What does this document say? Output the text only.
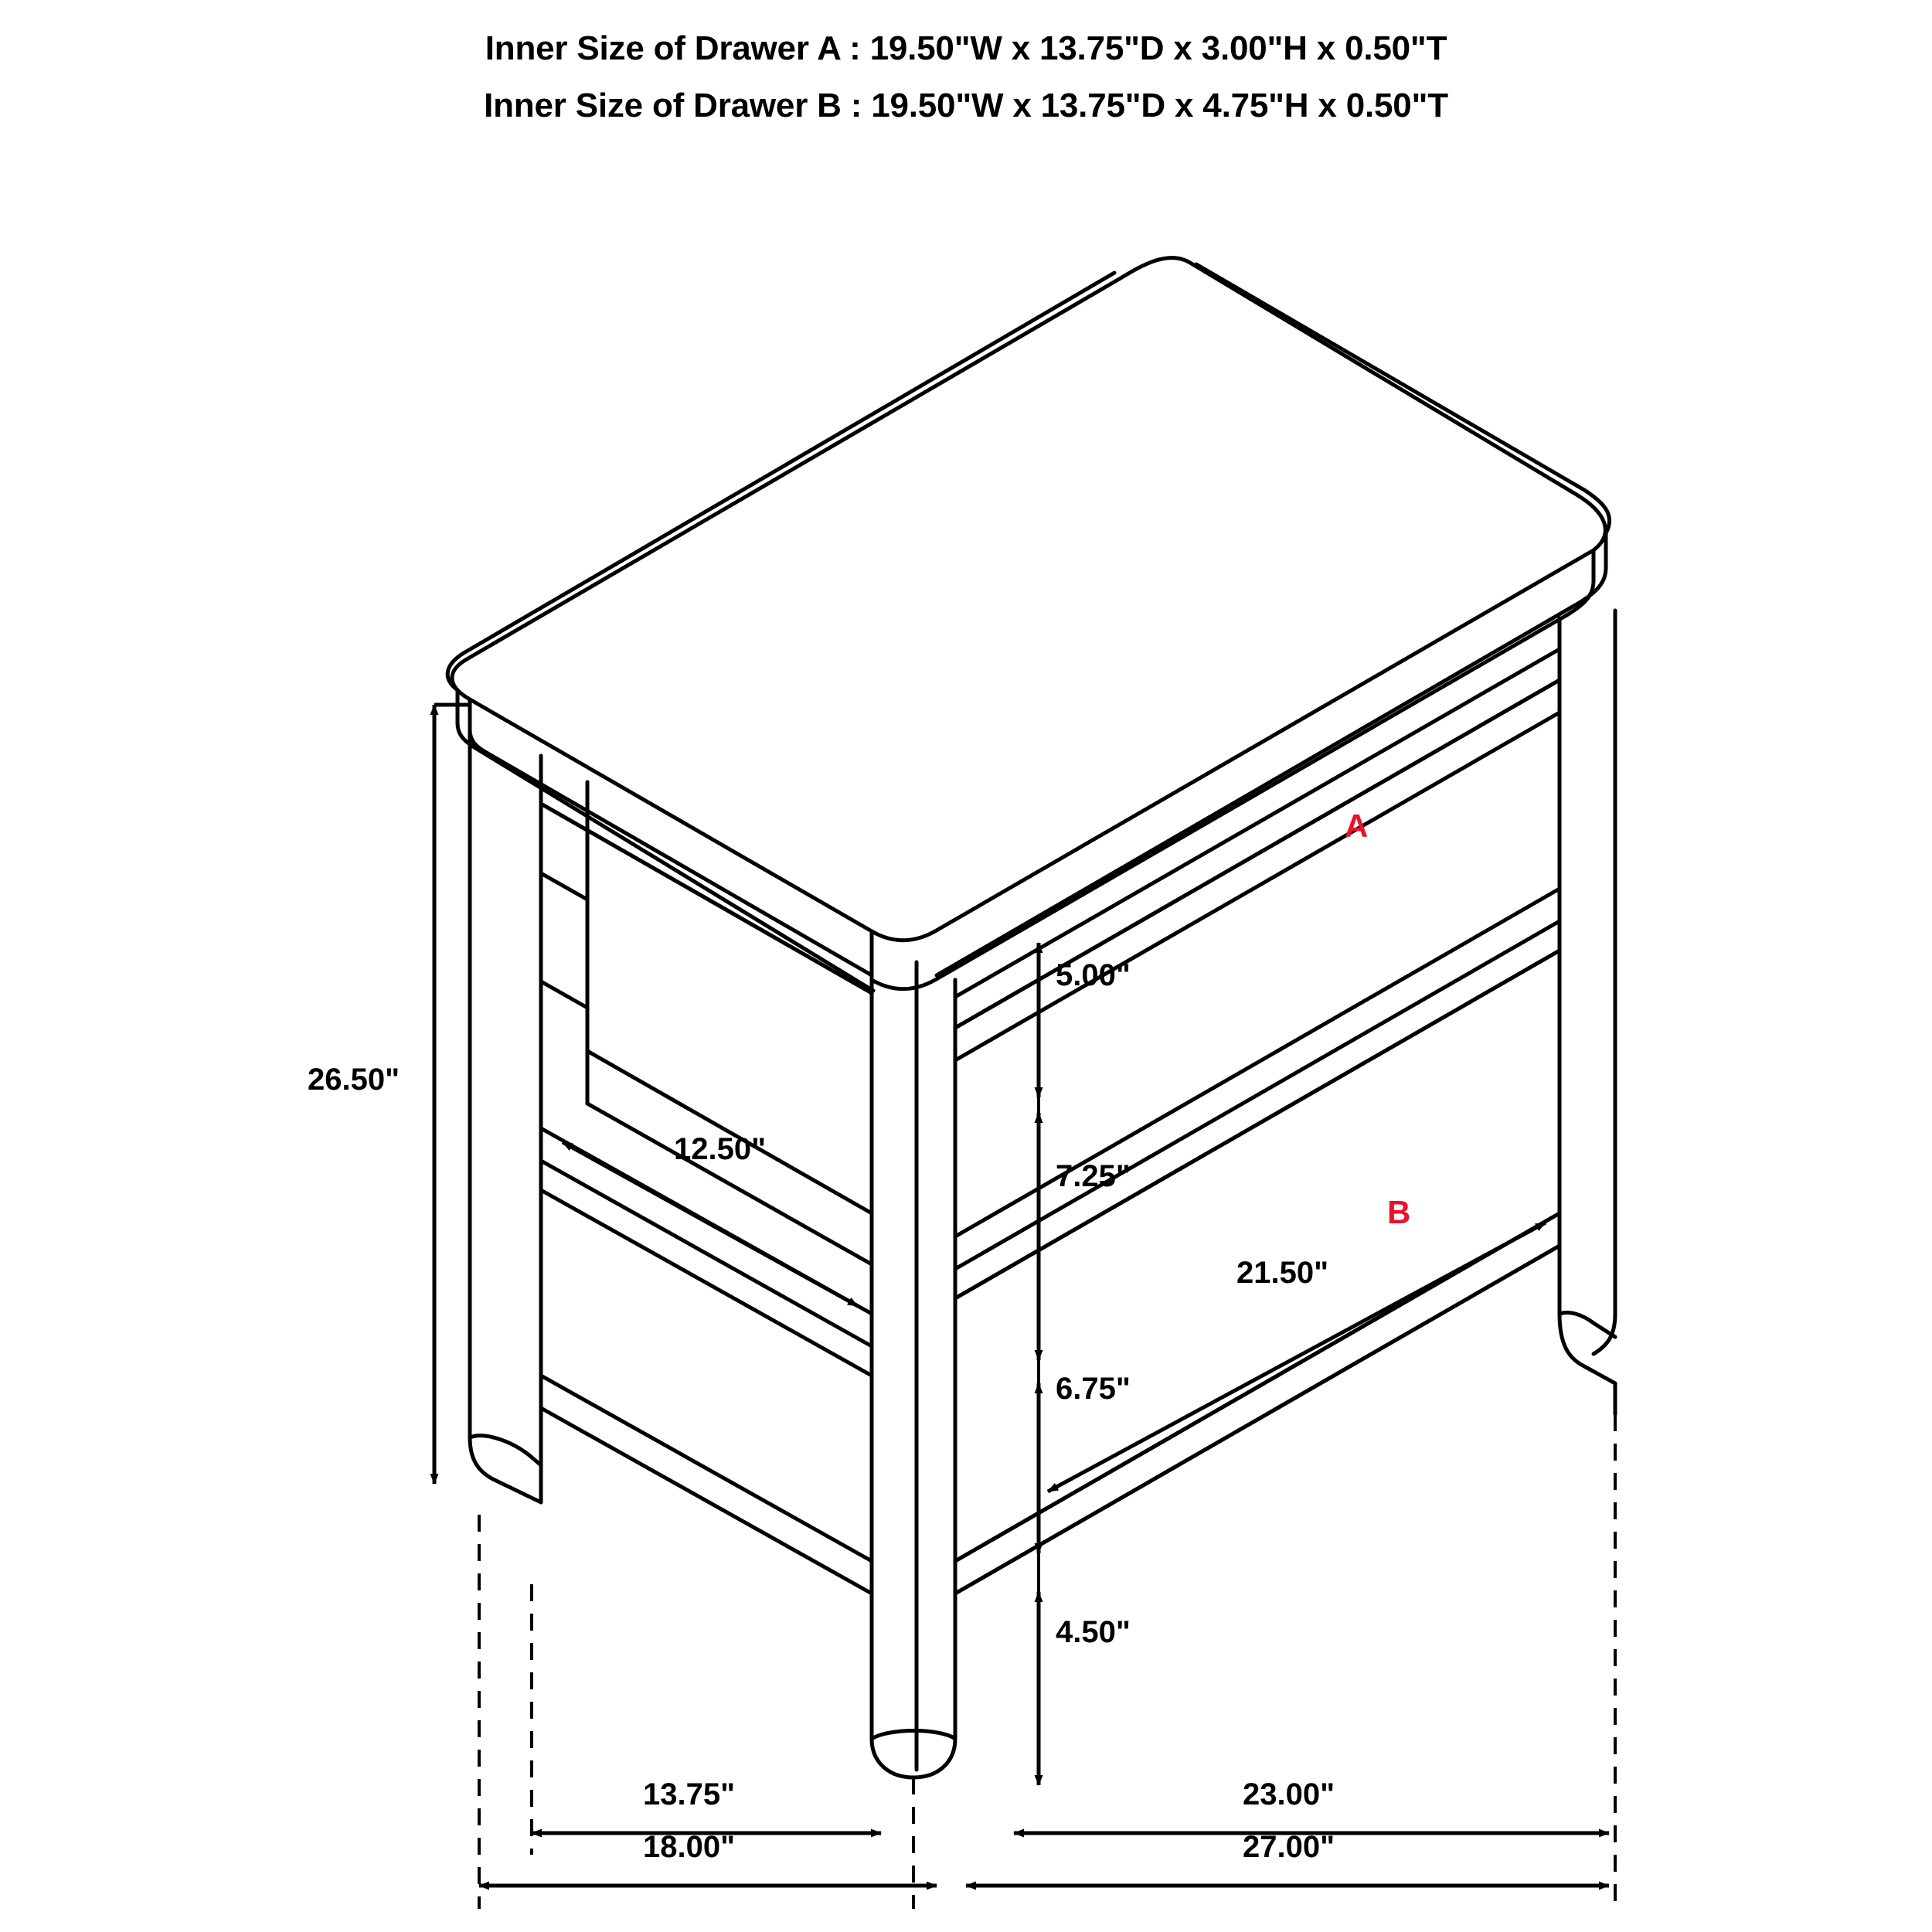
Inner Size of Drawer A : 19.50"W x 13.75"D x 3.00"H x 0.50"T
Inner Size of Drawer B : 19.50"W x 13.75"D x 4.75"H x 0.50"T
A
B
26.50"
5.00"
7.25"
6.75"
4.50"
12.50"
21.50"
13.75"	23.00"
18.00"	27.00"
